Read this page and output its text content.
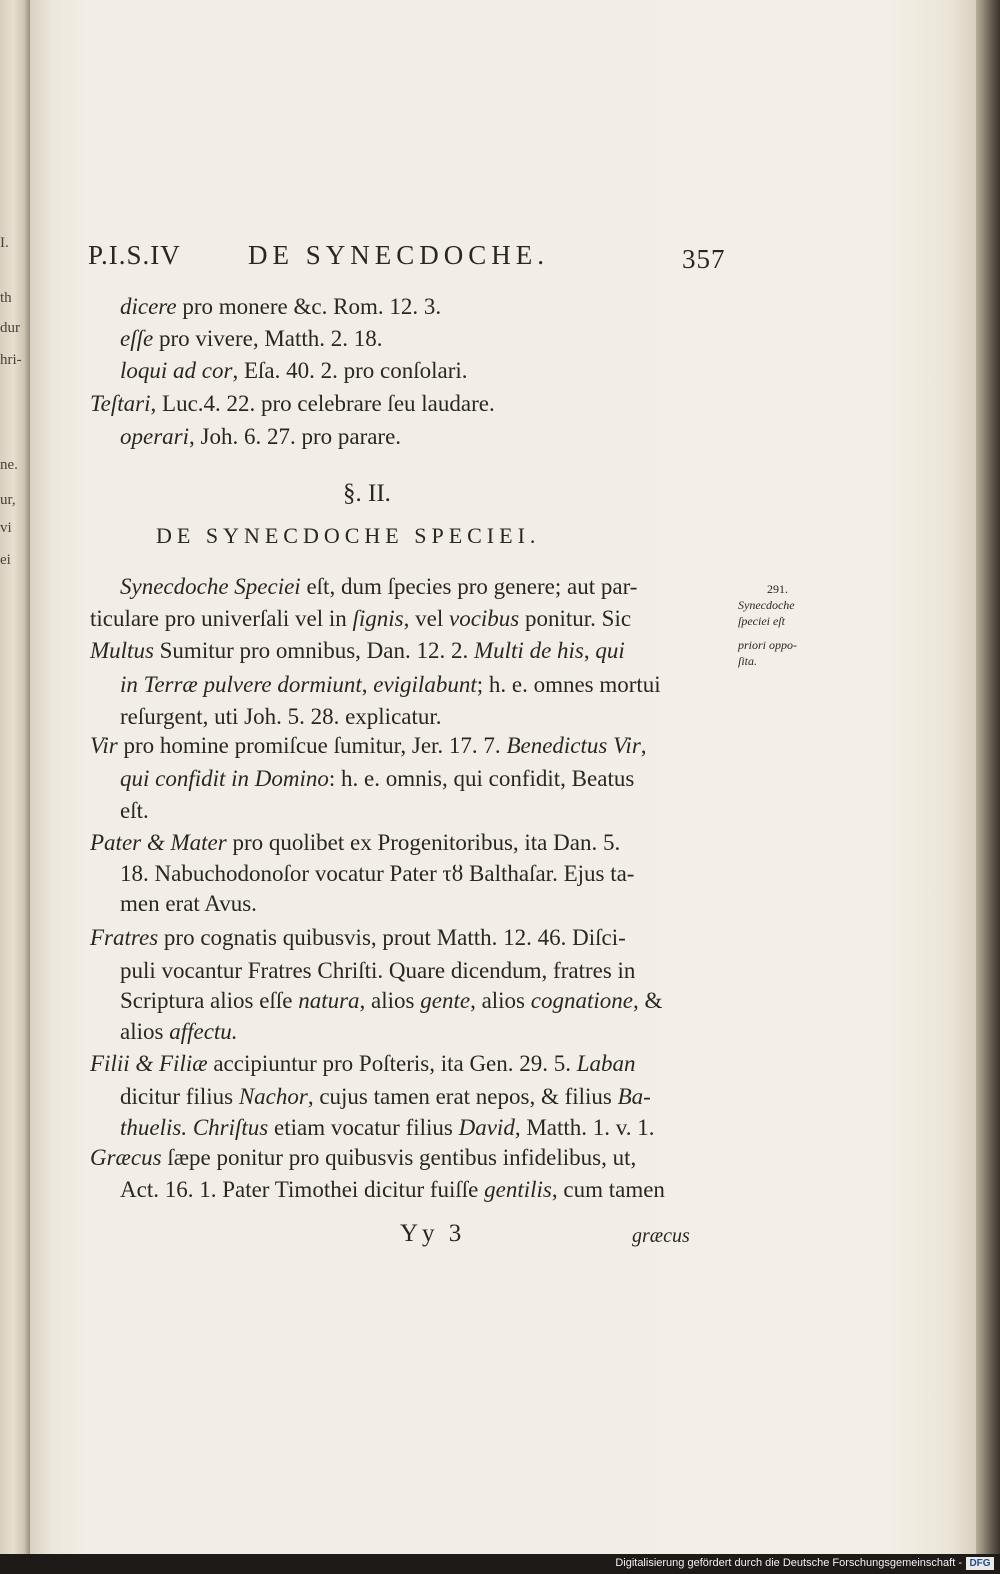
I.
th
dur
hri-
ne.
ur,
vi
ei
P.I.S.IV DE SYNECDOCHE.	357
dicere pro monere &c. Rom. 12. 3.
eſſe pro vivere, Matth. 2. 18.
loqui ad cor, Eſa. 40. 2. pro conſolari.
Teſtari, Luc.4. 22. pro celebrare ſeu laudare.
operari, Joh. 6. 27. pro parare.
§. II.
DE SYNECDOCHE SPECIEI.
Synecdoche Speciei eſt, dum ſpecies pro genere; aut par-
ticulare pro univerſali vel in ſignis, vel vocibus ponitur. Sic
Multus Sumitur pro omnibus, Dan. 12. 2. Multi de his, qui
in Terræ pulvere dormiunt, evigilabunt; h. e. omnes mortui
reſurgent, uti Joh. 5. 28. explicatur.
Vir pro homine promiſcue ſumitur, Jer. 17. 7. Benedictus Vir,
qui confidit in Domino: h. e. omnis, qui confidit, Beatus
eſt.
Pater & Mater pro quolibet ex Progenitoribus, ita Dan. 5.
18. Nabuchodonoſor vocatur Pater τȣ Balthaſar. Ejus ta-
men erat Avus.
Fratres pro cognatis quibusvis, prout Matth. 12. 46. Diſci-
puli vocantur Fratres Chriſti. Quare dicendum, fratres in
Scriptura alios eſſe natura, alios gente, alios cognatione, &
alios affectu.
Filii & Filiæ accipiuntur pro Poſteris, ita Gen. 29. 5. Laban
dicitur filius Nachor, cujus tamen erat nepos, & filius Ba-
thuelis. Chriſtus etiam vocatur filius David, Matth. 1. v. 1.
Græcus ſæpe ponitur pro quibusvis gentibus infidelibus, ut,
Act. 16. 1. Pater Timothei dicitur fuiſſe gentilis, cum tamen
291.
Synecdoche
ſpeciei eſt
priori oppo-
ſita.
Yy 3	græcus
Digitalisierung gefördert durch die Deutsche Forschungsgemeinschaft - DFG
